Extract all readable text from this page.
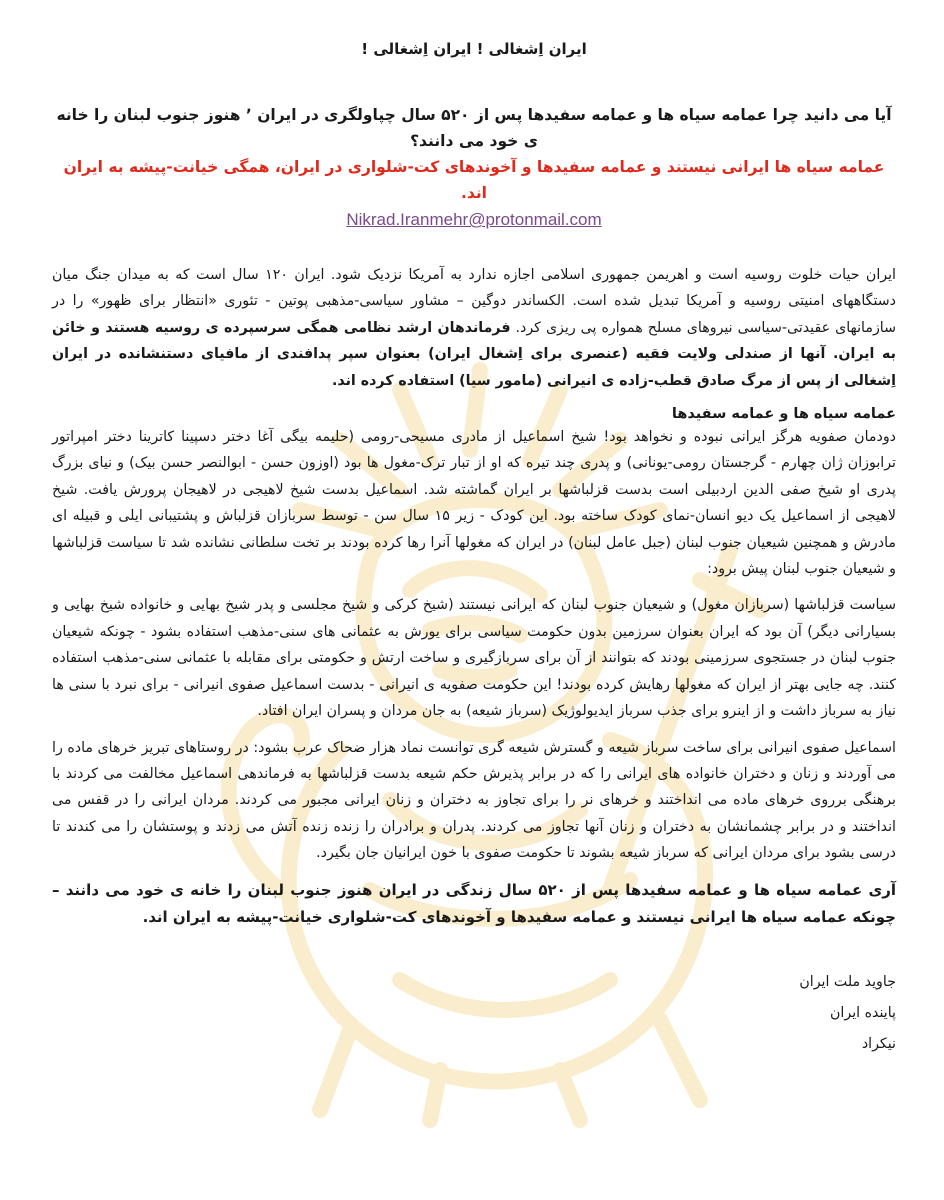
ایران اِشغالی ! ایران اِشغالی !

آیا می دانید چرا عمامه سیاه ها و عمامه سفیدها پس از ۵۲۰ سال چپاولگری در ایران ٬ هنوز جنوب لبنان را خانه ی خود می دانند؟

عمامه سیاه ها ایرانی نیستند و عمامه سفیدها و آخوندهای کت-شلواری در ایران، همگی خیانت-پیشه به ایران اند.

Nikrad.Iranmehr@protonmail.com

ایران حیات خلوت روسیه است و اهریمن جمهوری اسلامی اجازه ندارد به آمریکا نزدیک شود. ایران ۱۲۰ سال است که به میدان جنگ میان دستگاههای امنیتی روسیه و آمریکا تبدیل شده است. الکساندر دوگین – مشاور سیاسی-مذهبی پوتین - تئوری «انتظار برای ظهور» را در سازمانهای عقیدتی-سیاسی نیروهای مسلح همواره پی ریزی کرد. فرماندهان ارشد نظامی همگی سرسپرده ی روسیه هستند و خائن به ایران. آنها از صندلی ولایت فقیه (عنصری برای اِشغال ایران) بعنوان سپر پدافندی از مافیای دستنشانده در ایران اِشغالی از پس از مرگ صادق قطب-زاده ی انیرانی (مامور سیا) استفاده کرده اند.

عمامه سیاه ها و عمامه سفیدها

دودمان صفویه هرگز ایرانی نبوده و نخواهد بود! شیخ اسماعیل از مادری مسیحی-رومی (حلیمه بیگی آغا دختر دسپینا کاترینا دختر امپراتور ترابوزان ژان چهارم - گرجستان رومی-یونانی) و پدری چند تیره که او از تبار ترک-مغول ها بود (اوزون حسن - ابوالنصر حسن بیک) و نیای بزرگ پدری او شیخ صفی الدین اردبیلی است بدست قزلباشها بر ایران گماشته شد. اسماعیل بدست شیخ لاهیجی در لاهیجان پرورش یافت. شیخ لاهیجی از اسماعیل یک دیو انسان-نمای کودک ساخته بود. این کودک - زیر ۱۵ سال سن - توسط سربازان قزلباش و پشتیبانی ایلی و قبیله ای مادرش و همچنین شیعیان جنوب لبنان (جبل عامل لبنان) در ایران که مغولها آنرا رها کرده بودند بر تخت سلطانی نشانده شد تا سیاست قزلباشها و شیعیان جنوب لبنان پیش برود:

سیاست قزلباشها (سربازان مغول) و شیعیان جنوب لبنان که ایرانی نیستند (شیخ کرکی و شیخ مجلسی و پدر شیخ بهایی و خانواده شیخ بهایی و بسیارانی دیگر) آن بود که ایران بعنوان سرزمین بدون حکومت سیاسی برای یورش به عثمانی های سنی-مذهب استفاده بشود - چونکه شیعیان جنوب لبنان در جستجوی سرزمینی بودند که بتوانند از آن برای سربازگیری و ساخت ارتش و حکومتی برای مقابله با عثمانی سنی-مذهب استفاده کنند. چه جایی بهتر از ایران که مغولها رهایش کرده بودند! این حکومت صفویه ی انیرانی - بدست اسماعیل صفوی انیرانی - برای نبرد با سنی ها نیاز به سرباز داشت و از اینرو برای جذب سرباز ایدیولوژیک (سرباز شیعه) به جان مردان و پسران ایران افتاد.

اسماعیل صفوی انیرانی برای ساخت سرباز شیعه و گسترش شیعه گری توانست نماد هزار ضحاک عرب بشود: در روستاهای تبریز خرهای ماده را می آوردند و زنان و دختران خانواده های ایرانی را که در برابر پذیرش حکم شیعه بدست قزلباشها به فرماندهی اسماعیل مخالفت می کردند با برهنگی برروی خرهای ماده می انداختند و خرهای نر را برای تجاوز به دختران و زنان ایرانی مجبور می کردند. مردان ایرانی را در قفس می انداختند و در برابر چشمانشان به دختران و زنان آنها تجاوز می کردند. پدران و برادران را زنده زنده آتش می زدند و پوستشان را می کندند تا درسی بشود برای مردان ایرانی که سرباز شیعه بشوند تا حکومت صفوی با خون ایرانیان جان بگیرد.

آری عمامه سیاه ها و عمامه سفیدها پس از ۵۲۰ سال زندگی در ایران هنوز جنوب لبنان را خانه ی خود می دانند – چونکه عمامه سیاه ها ایرانی نیستند و عمامه سفیدها و آخوندهای کت-شلواری خیانت-پیشه به ایران اند.

جاوید ملت ایران

پاینده ایران

نیکراد
